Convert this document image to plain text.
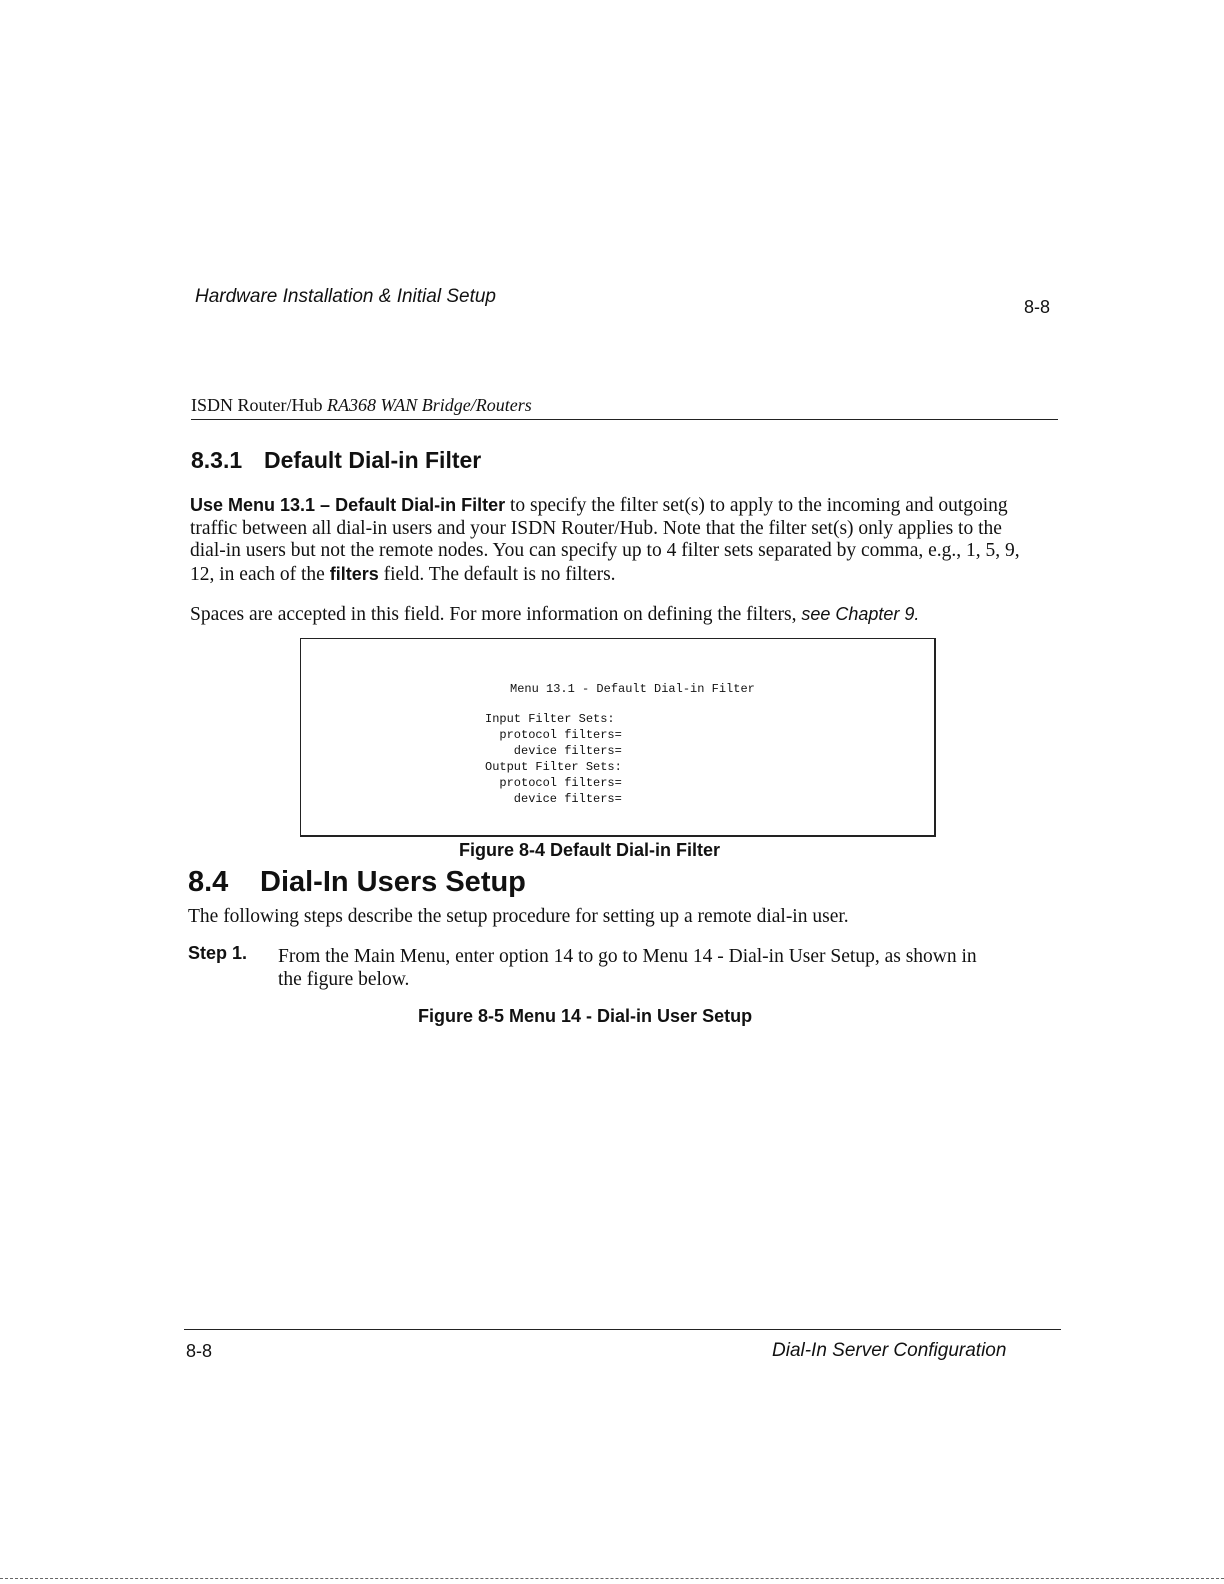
Hardware Installation & Initial Setup	8-8
ISDN Router/Hub RA368 WAN Bridge/Routers
8.3.1 Default Dial-in Filter
Use Menu 13.1 – Default Dial-in Filter to specify the filter set(s) to apply to the incoming and outgoing traffic between all dial-in users and your ISDN Router/Hub. Note that the filter set(s) only applies to the dial-in users but not the remote nodes. You can specify up to 4 filter sets separated by comma, e.g., 1, 5, 9, 12, in each of the filters field. The default is no filters.
Spaces are accepted in this field. For more information on defining the filters, see Chapter 9.
Menu 13.1 - Default Dial-in Filter
Input Filter Sets:
protocol filters=
device filters=
Output Filter Sets:
protocol filters=
device filters=
Figure 8-4 Default Dial-in Filter
8.4 Dial-In Users Setup
The following steps describe the setup procedure for setting up a remote dial-in user.
Step 1. From the Main Menu, enter option 14 to go to Menu 14 - Dial-in User Setup, as shown in the figure below.
Figure 8-5 Menu 14 - Dial-in User Setup
8-8	Dial-In Server Configuration
